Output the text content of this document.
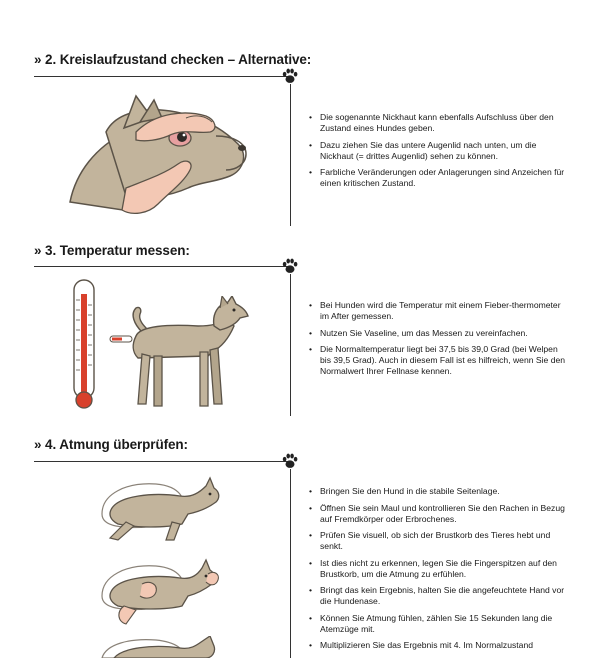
» 2. Kreislaufzustand checken – Alternative:
• Die sogenannte Nickhaut kann ebenfalls Aufschluss über den Zustand eines Hundes geben.
• Dazu ziehen Sie das untere Augenlid nach unten, um die Nickhaut (= drittes Augenlid) sehen zu können.
• Farbliche Veränderungen oder Anlagerungen sind Anzeichen für einen kritischen Zustand.
» 3. Temperatur messen:
• Bei Hunden wird die Temperatur mit einem Fieber-thermometer im After gemessen.
• Nutzen Sie Vaseline, um das Messen zu vereinfachen.
• Die Normaltemperatur liegt bei 37,5 bis 39,0 Grad (bei Welpen bis 39,5 Grad). Auch in diesem Fall ist es hilfreich, wenn Sie den Normalwert Ihrer Fellnase kennen.
» 4. Atmung überprüfen:
• Bringen Sie den Hund in die stabile Seitenlage.
• Öffnen Sie sein Maul und kontrollieren Sie den Rachen in Bezug auf Fremdkörper oder Erbrochenes.
• Prüfen Sie visuell, ob sich der Brustkorb des Tieres hebt und senkt.
• Ist dies nicht zu erkennen, legen Sie die Fingerspitzen auf den Brustkorb, um die Atmung zu erfühlen.
• Bringt das kein Ergebnis, halten Sie die angefeuchtete Hand vor die Hundenase.
• Können Sie Atmung fühlen, zählen Sie 15 Sekunden lang die Atemzüge mit.
• Multiplizieren Sie das Ergebnis mit 4. Im Normalzustand
